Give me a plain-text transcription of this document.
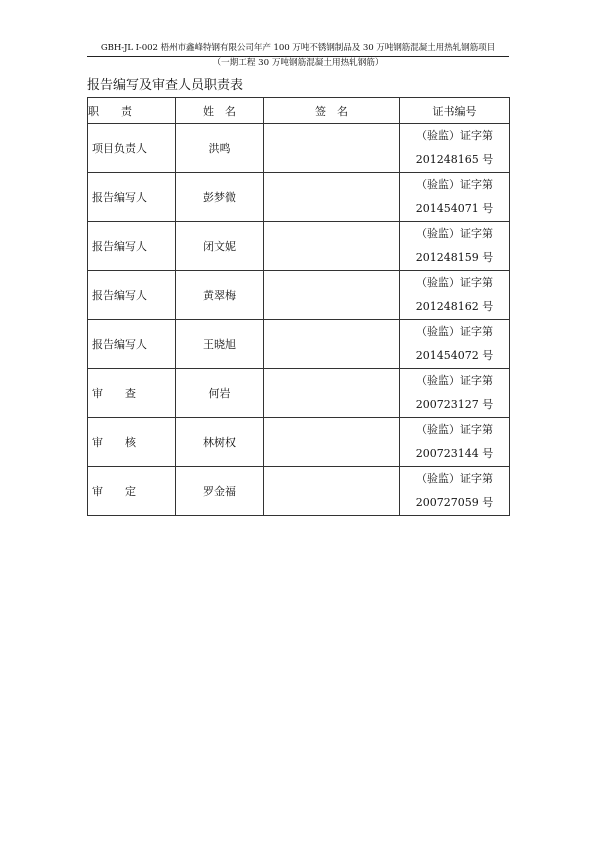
GBH-JL Ⅰ-002 梧州市鑫峰特钢有限公司年产 100 万吨不锈钢制品及 30 万吨钢筋混凝土用热轧钢筋项目
（一期工程 30 万吨钢筋混凝土用热轧钢筋）
报告编写及审查人员职责表
职　　责	姓　名	签　名	证书编号
项目负责人	洪鸣		（验监）证字第
201248165 号

报告编写人	彭梦微		（验监）证字第
201454071 号

报告编写人	闭文妮		（验监）证字第
201248159 号

报告编写人	黄翠梅		（验监）证字第
201248162 号

报告编写人	王晓旭		（验监）证字第
201454072 号

审　　查	何岩		（验监）证字第
200723127 号

审　　核	林树权		（验监）证字第
200723144 号

审　　定	罗金福		（验监）证字第
200727059 号
